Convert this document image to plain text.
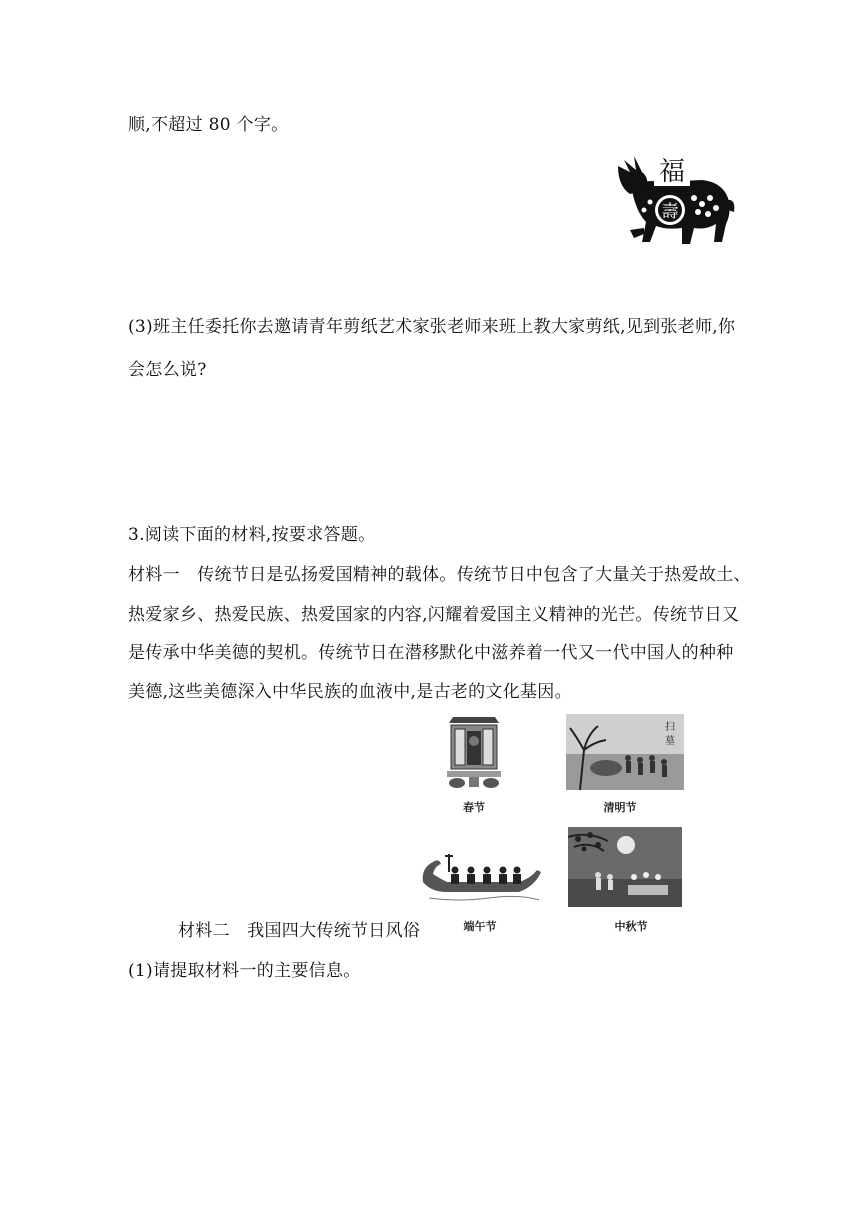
顺,不超过 80 个字。
福
壽
(3)班主任委托你去邀请青年剪纸艺术家张老师来班上教大家剪纸,见到张老师,你
会怎么说?
3.阅读下面的材料,按要求答题。
材料一　传统节日是弘扬爱国精神的载体。传统节日中包含了大量关于热爱故土、
热爱家乡、热爱民族、热爱国家的内容,闪耀着爱国主义精神的光芒。传统节日又
是传承中华美德的契机。传统节日在潜移默化中滋养着一代又一代中国人的种种
美德,这些美德深入中华民族的血液中,是古老的文化基因。
春节
扫
墓
清明节
端午节	中秋节
材料二　我国四大传统节日风俗
(1)请提取材料一的主要信息。
